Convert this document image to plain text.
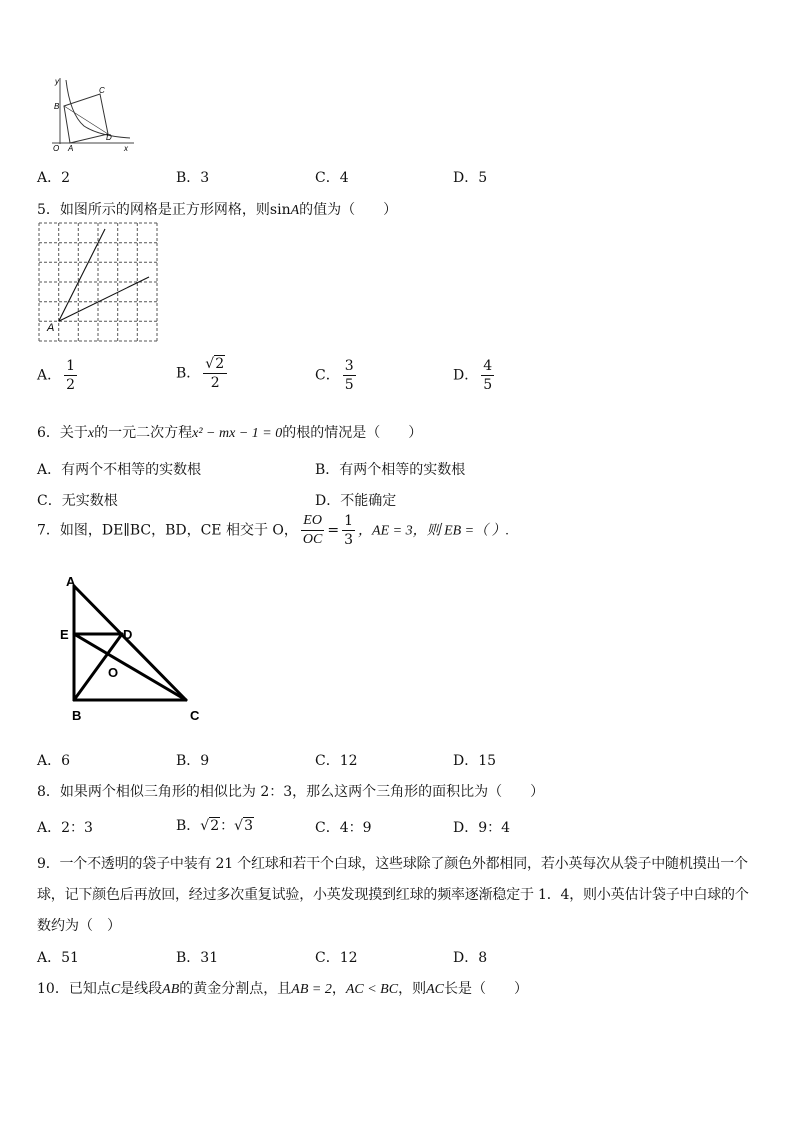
y
B
C
O A
D
x
A．2	B．3	C．4	D．5
5．如图所示的网格是正方形网格，则sinA的值为（　　）
A
A． $\frac{1}{2}$	B． $\frac{√2}{2}$	C． $\frac{3}{5}$	D． $\frac{4}{5}$
6．关于x的一元二次方程x² − mx − 1 = 0的根的情况是（　　）
A．有两个不相等的实数根	B．有两个相等的实数根
C．无实数根	D．不能确定
7．如图，DE∥BC，BD，CE 相交于 O， $\frac{EO}{OC} = \frac{1}{3}$ ，AE = 3，则 EB =（ ）.
A
E	D
O
B	C
A．6	B．9	C．12	D．15
8．如果两个相似三角形的相似比为 2：3，那么这两个三角形的面积比为（　　）
A．2：3	B．√2：√3	C．4：9	D．9：4
9．一个不透明的袋子中装有 21 个红球和若干个白球，这些球除了颜色外都相同，若小英每次从袋子中随机摸出一个
球，记下颜色后再放回，经过多次重复试验，小英发现摸到红球的频率逐渐稳定于 1．4，则小英估计袋子中白球的个
数约为（　）
A．51	B．31	C．12	D．8
10．已知点C是线段AB的黄金分割点，且AB = 2，AC < BC，则AC长是（　　）
